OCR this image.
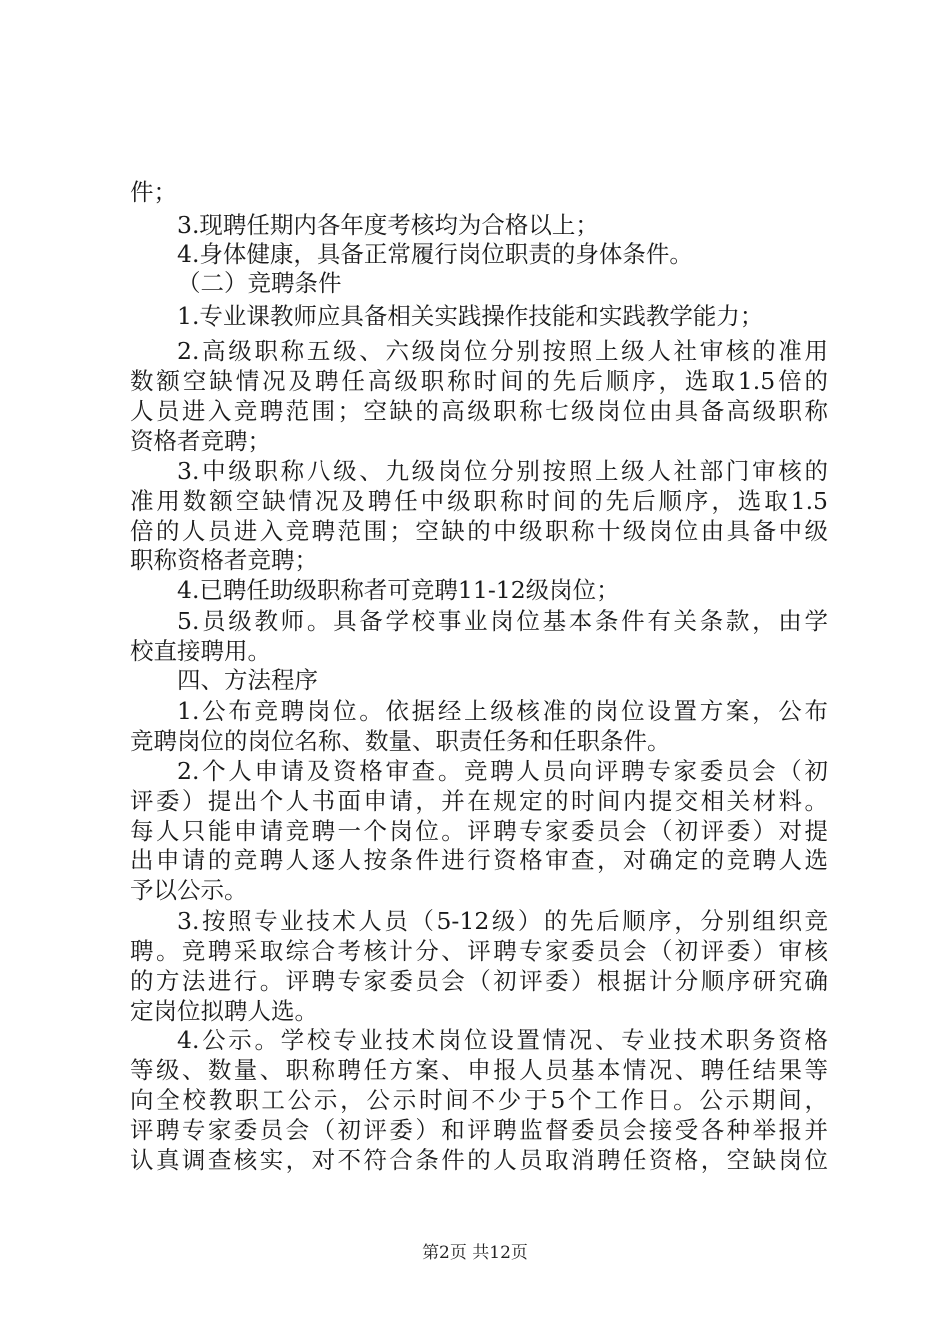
件；
3.现聘任期内各年度考核均为合格以上；
4.身体健康，具备正常履行岗位职责的身体条件。
（二）竞聘条件
1.专业课教师应具备相关实践操作技能和实践教学能力；
2.高级职称五级、六级岗位分别按照上级人社审核的准用
数额空缺情况及聘任高级职称时间的先后顺序，选取1.5倍的
人员进入竞聘范围；空缺的高级职称七级岗位由具备高级职称
资格者竞聘；
3.中级职称八级、九级岗位分别按照上级人社部门审核的
准用数额空缺情况及聘任中级职称时间的先后顺序，选取1.5
倍的人员进入竞聘范围；空缺的中级职称十级岗位由具备中级
职称资格者竞聘；
4.已聘任助级职称者可竞聘11-12级岗位；
5.员级教师。具备学校事业岗位基本条件有关条款，由学
校直接聘用。
四、方法程序
1.公布竞聘岗位。依据经上级核准的岗位设置方案，公布
竞聘岗位的岗位名称、数量、职责任务和任职条件。
2.个人申请及资格审查。竞聘人员向评聘专家委员会（初
评委）提出个人书面申请，并在规定的时间内提交相关材料。
每人只能申请竞聘一个岗位。评聘专家委员会（初评委）对提
出申请的竞聘人逐人按条件进行资格审查，对确定的竞聘人选
予以公示。
3.按照专业技术人员（5-12级）的先后顺序，分别组织竞
聘。竞聘采取综合考核计分、评聘专家委员会（初评委）审核
的方法进行。评聘专家委员会（初评委）根据计分顺序研究确
定岗位拟聘人选。
4.公示。学校专业技术岗位设置情况、专业技术职务资格
等级、数量、职称聘任方案、申报人员基本情况、聘任结果等
向全校教职工公示，公示时间不少于5个工作日。公示期间，
评聘专家委员会（初评委）和评聘监督委员会接受各种举报并
认真调查核实，对不符合条件的人员取消聘任资格，空缺岗位
第2页 共12页
